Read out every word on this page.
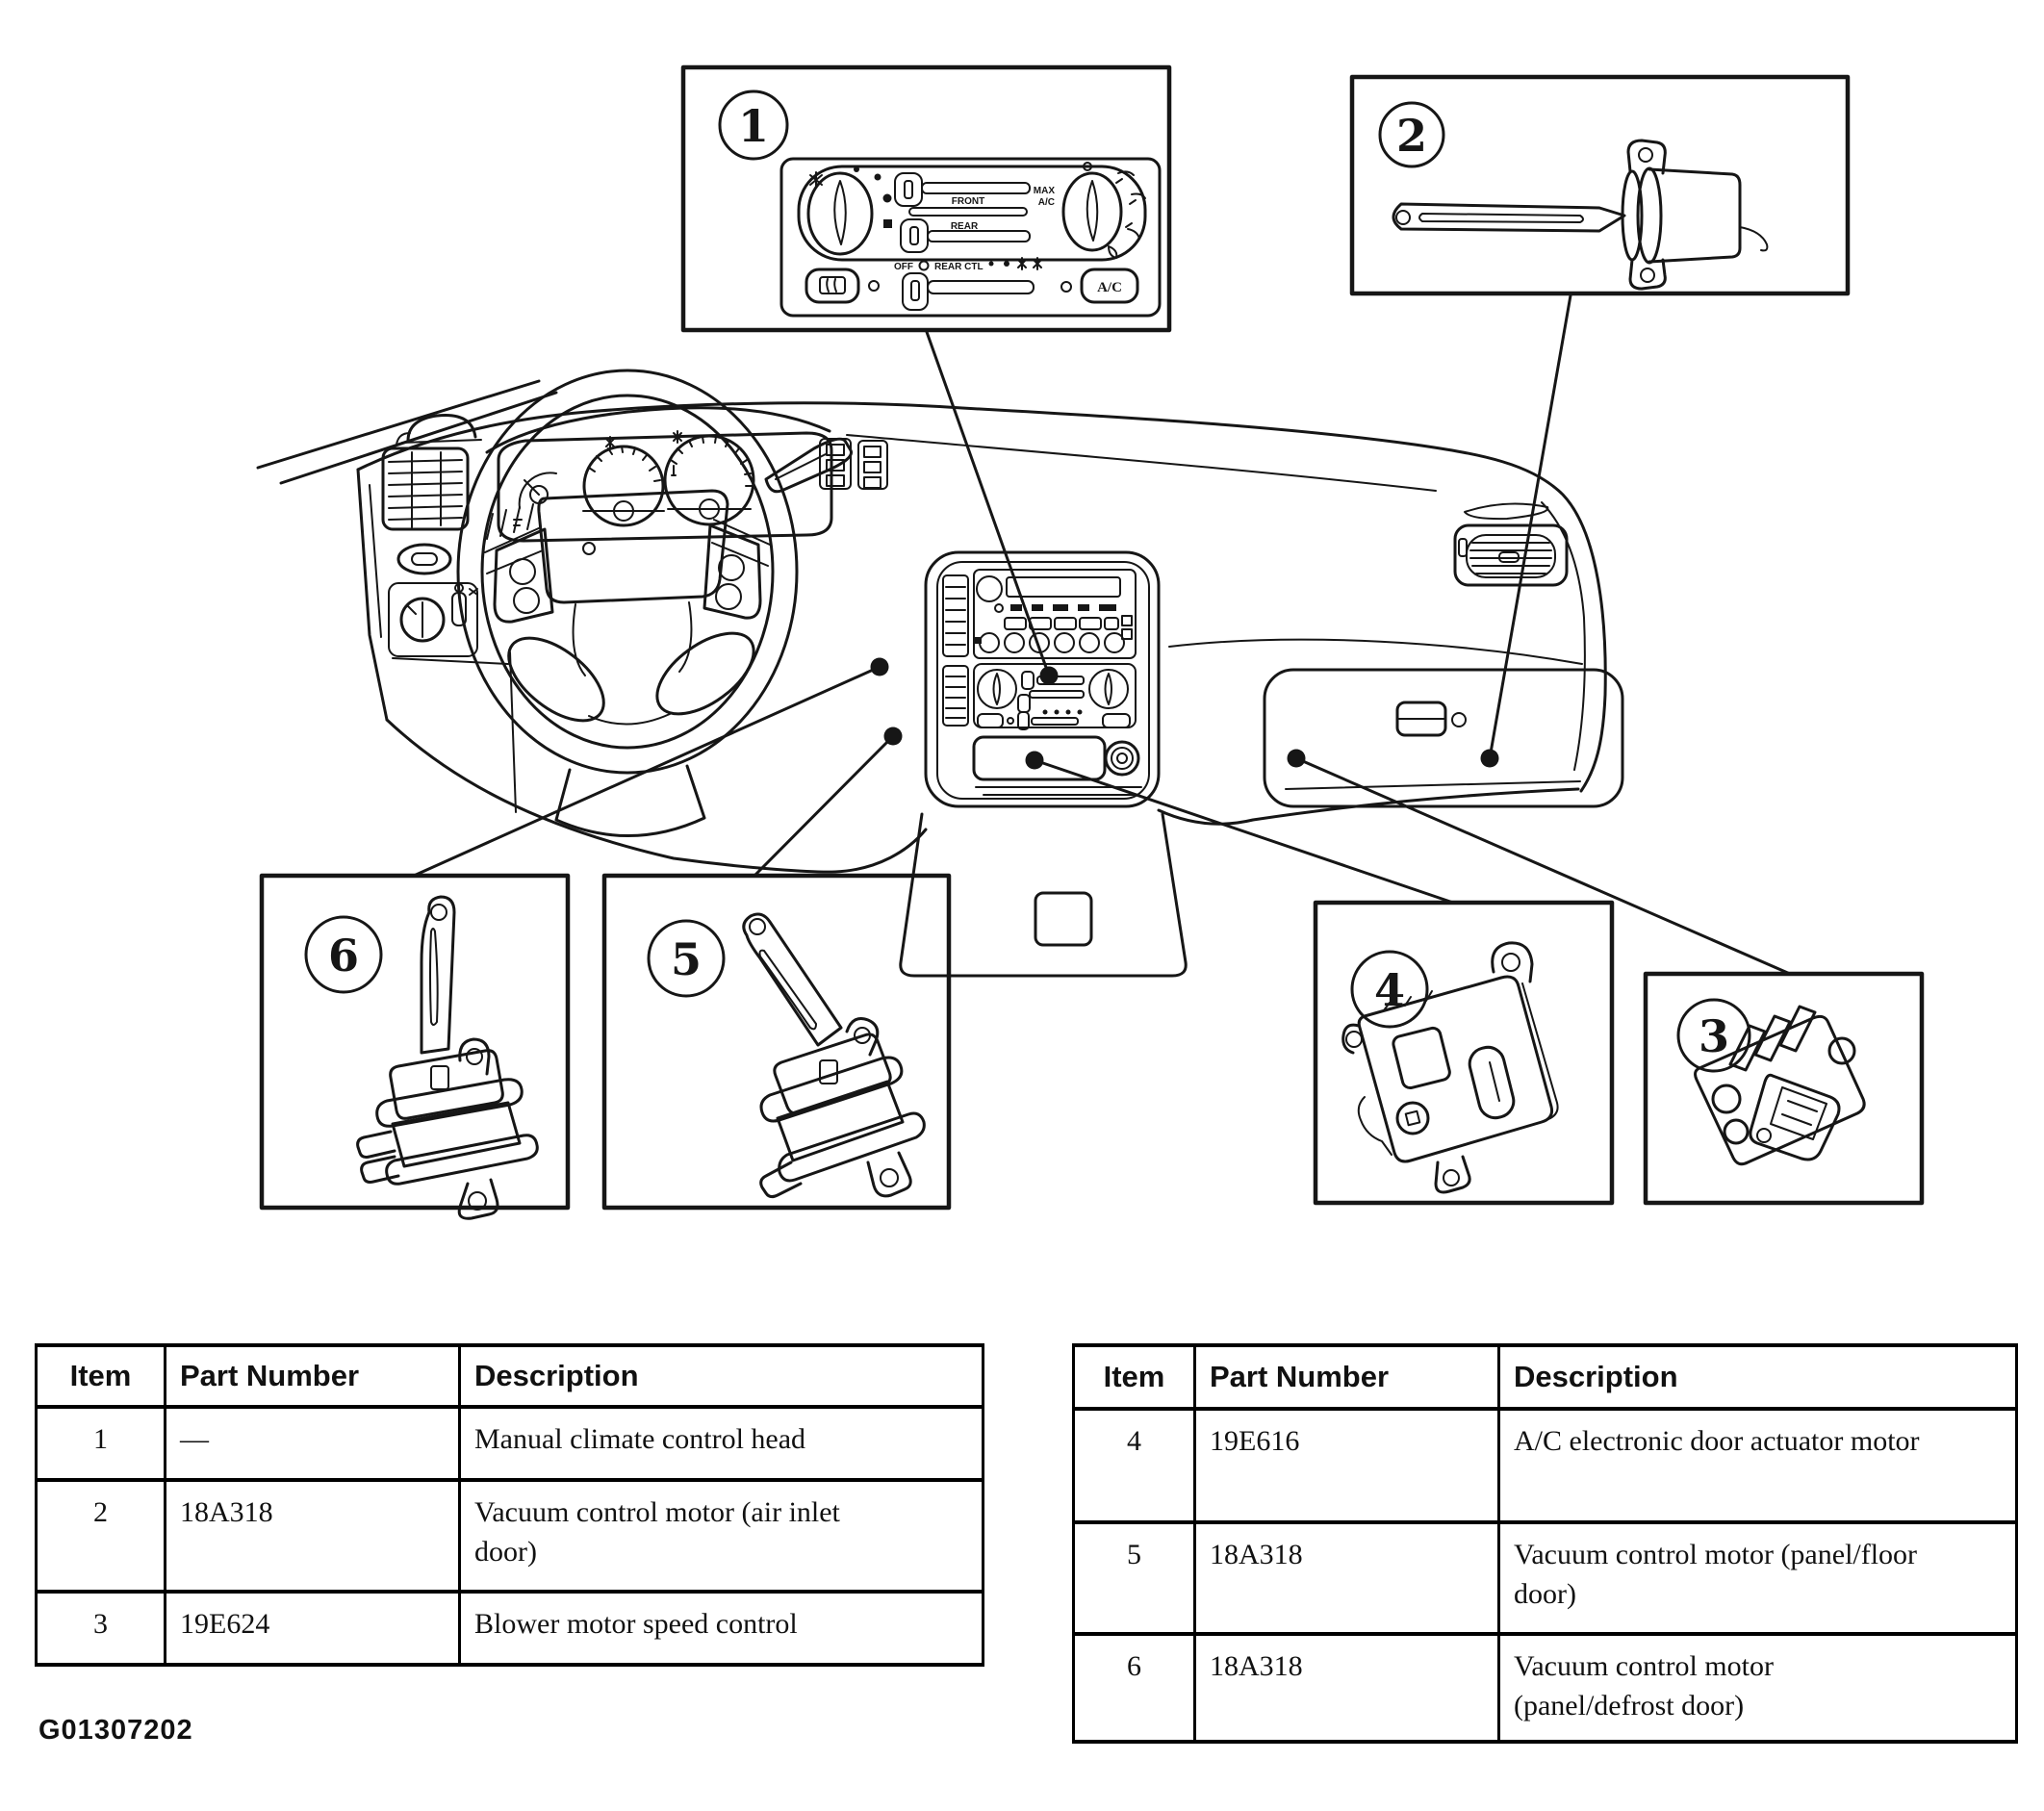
1
FRONT
REAR
MAX
A/C
OFF REAR CTL
A/C
2
6	5
4
3
Item	Part Number	Description
1	—	Manual climate control head
2	18A318	Vacuum control motor (air inlet door)
3	19E624	Blower motor speed control
Item	Part Number	Description
4	19E616	A/C electronic door actuator motor
5	18A318	Vacuum control motor (panel/floor door)
6	18A318	Vacuum control motor (panel/defrost door)
G01307202
